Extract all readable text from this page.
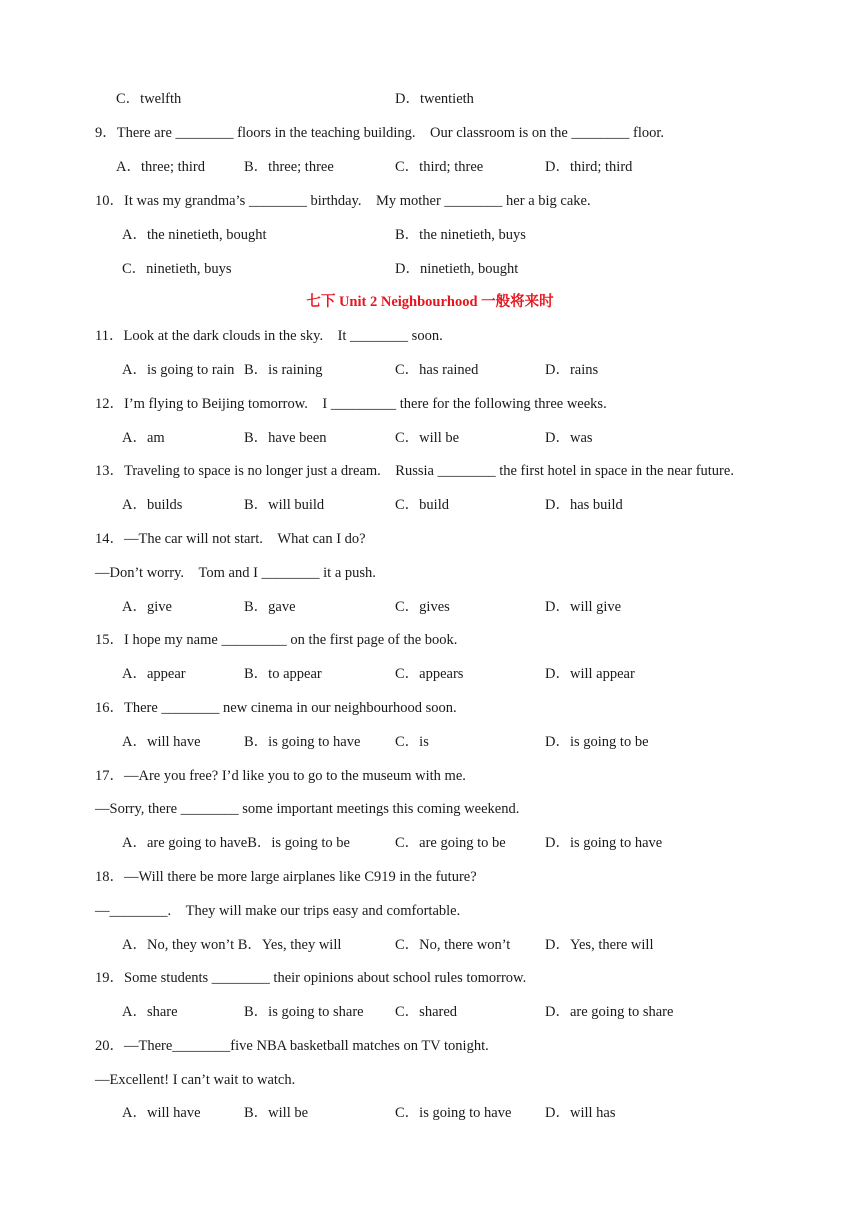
C．twelfth	D．twentieth
9．There are ________ floors in the teaching building.　Our classroom is on the ________ floor.
A．three; third	B．three; three	C．third; three	D．third; third
10．It was my grandma’s ________ birthday.　My mother ________ her a big cake.
A．the ninetieth, bought	B．the ninetieth, buys
C．ninetieth, buys	D．ninetieth, bought
七下 Unit 2 Neighbourhood 一般将来时
11．Look at the dark clouds in the sky.　It ________ soon.
A．is going to rain B．is raining	C．has rained	D．rains
12．I’m flying to Beijing tomorrow.　I _________ there for the following three weeks.
A．am	B．have been	C．will be	D．was
13．Traveling to space is no longer just a dream.　Russia ________ the first hotel in space in the near future.
A．builds	B．will build	C．build	D．has build
14．—The car will not start.　What can I do?
—Don’t worry.　Tom and I ________ it a push.
A．give	B．gave	C．gives	D．will give
15．I hope my name _________ on the first page of the book.
A．appear	B．to appear	C．appears	D．will appear
16．There ________ new cinema in our neighbourhood soon.
A．will have	B．is going to have C．is	D．is going to be
17．—Are you free? I’d like you to go to the museum with me.
—Sorry, there ________ some important meetings this coming weekend.
A．are going to haveB．is going to be	C．are going to be	D．is going to have
18．—Will there be more large airplanes like C919 in the future?
—________.　They will make our trips easy and comfortable.
A．No, they won’t B．Yes, they will	C．No, there won’t D．Yes, there will
19．Some students ________ their opinions about school rules tomorrow.
A．share	B．is going to share C．shared	D．are going to share
20．—There________five NBA basketball matches on TV tonight.
—Excellent! I can’t wait to watch.
A．will have	B．will be	C．is going to have D．will has
